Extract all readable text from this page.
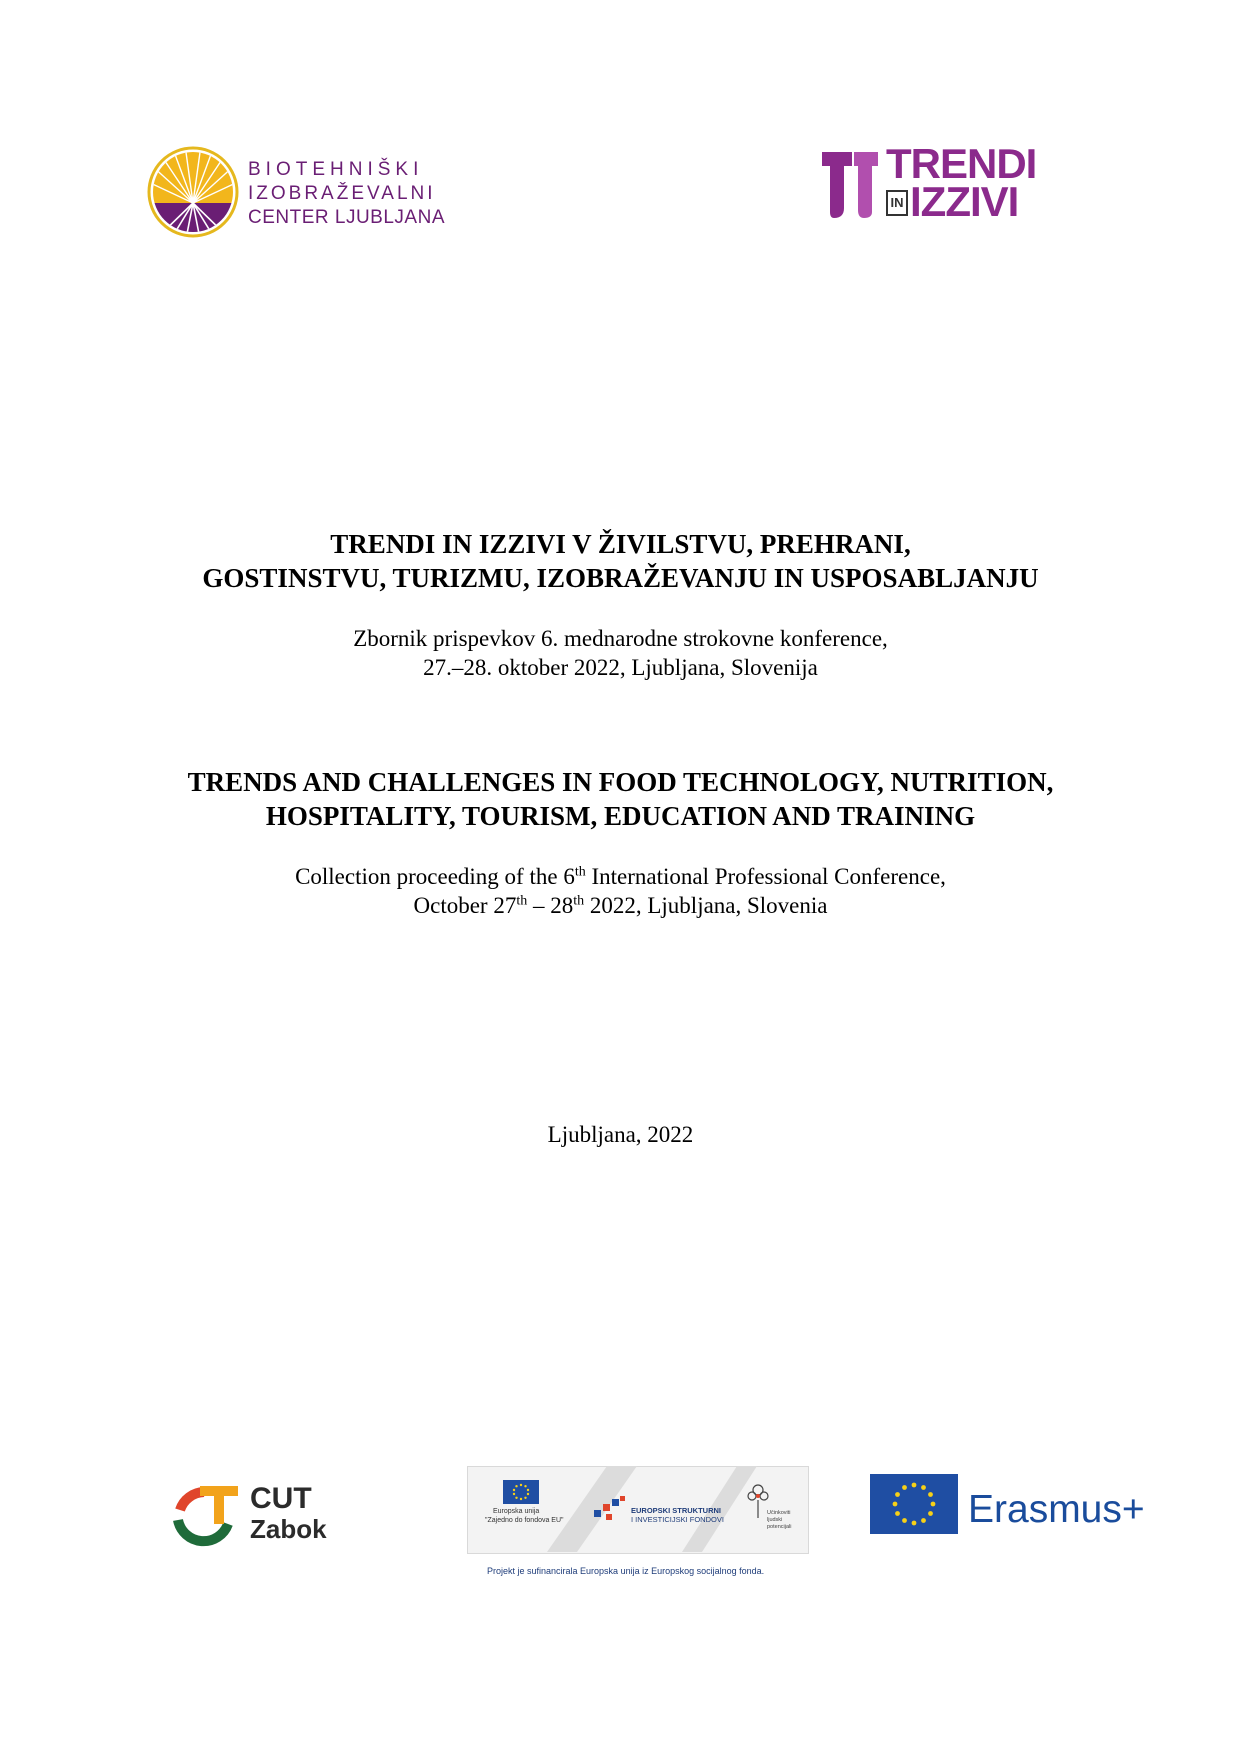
BIOTEHNIŠKI
IZOBRAŽEVALNI
CENTER LJUBLJANA
TRENDI
IN IZZIVI
TRENDI IN IZZIVI V ŽIVILSTVU, PREHRANI,
GOSTINSTVU, TURIZMU, IZOBRAŽEVANJU IN USPOSABLJANJU
Zbornik prispevkov 6. mednarodne strokovne konference,
27.–28. oktober 2022, Ljubljana, Slovenija
TRENDS AND CHALLENGES IN FOOD TECHNOLOGY, NUTRITION,
HOSPITALITY, TOURISM, EDUCATION AND TRAINING
Collection proceeding of the 6th International Professional Conference,
October 27th – 28th 2022, Ljubljana, Slovenia
Ljubljana, 2022
CUT
Zabok
Europska unija
"Zajedno do fondova EU"
EUROPSKI STRUKTURNI
I INVESTICIJSKI FONDOVI
Učinkoviti
ljudski
potencijali
Projekt je sufinancirala Europska unija iz Europskog socijalnog fonda.
Erasmus+
